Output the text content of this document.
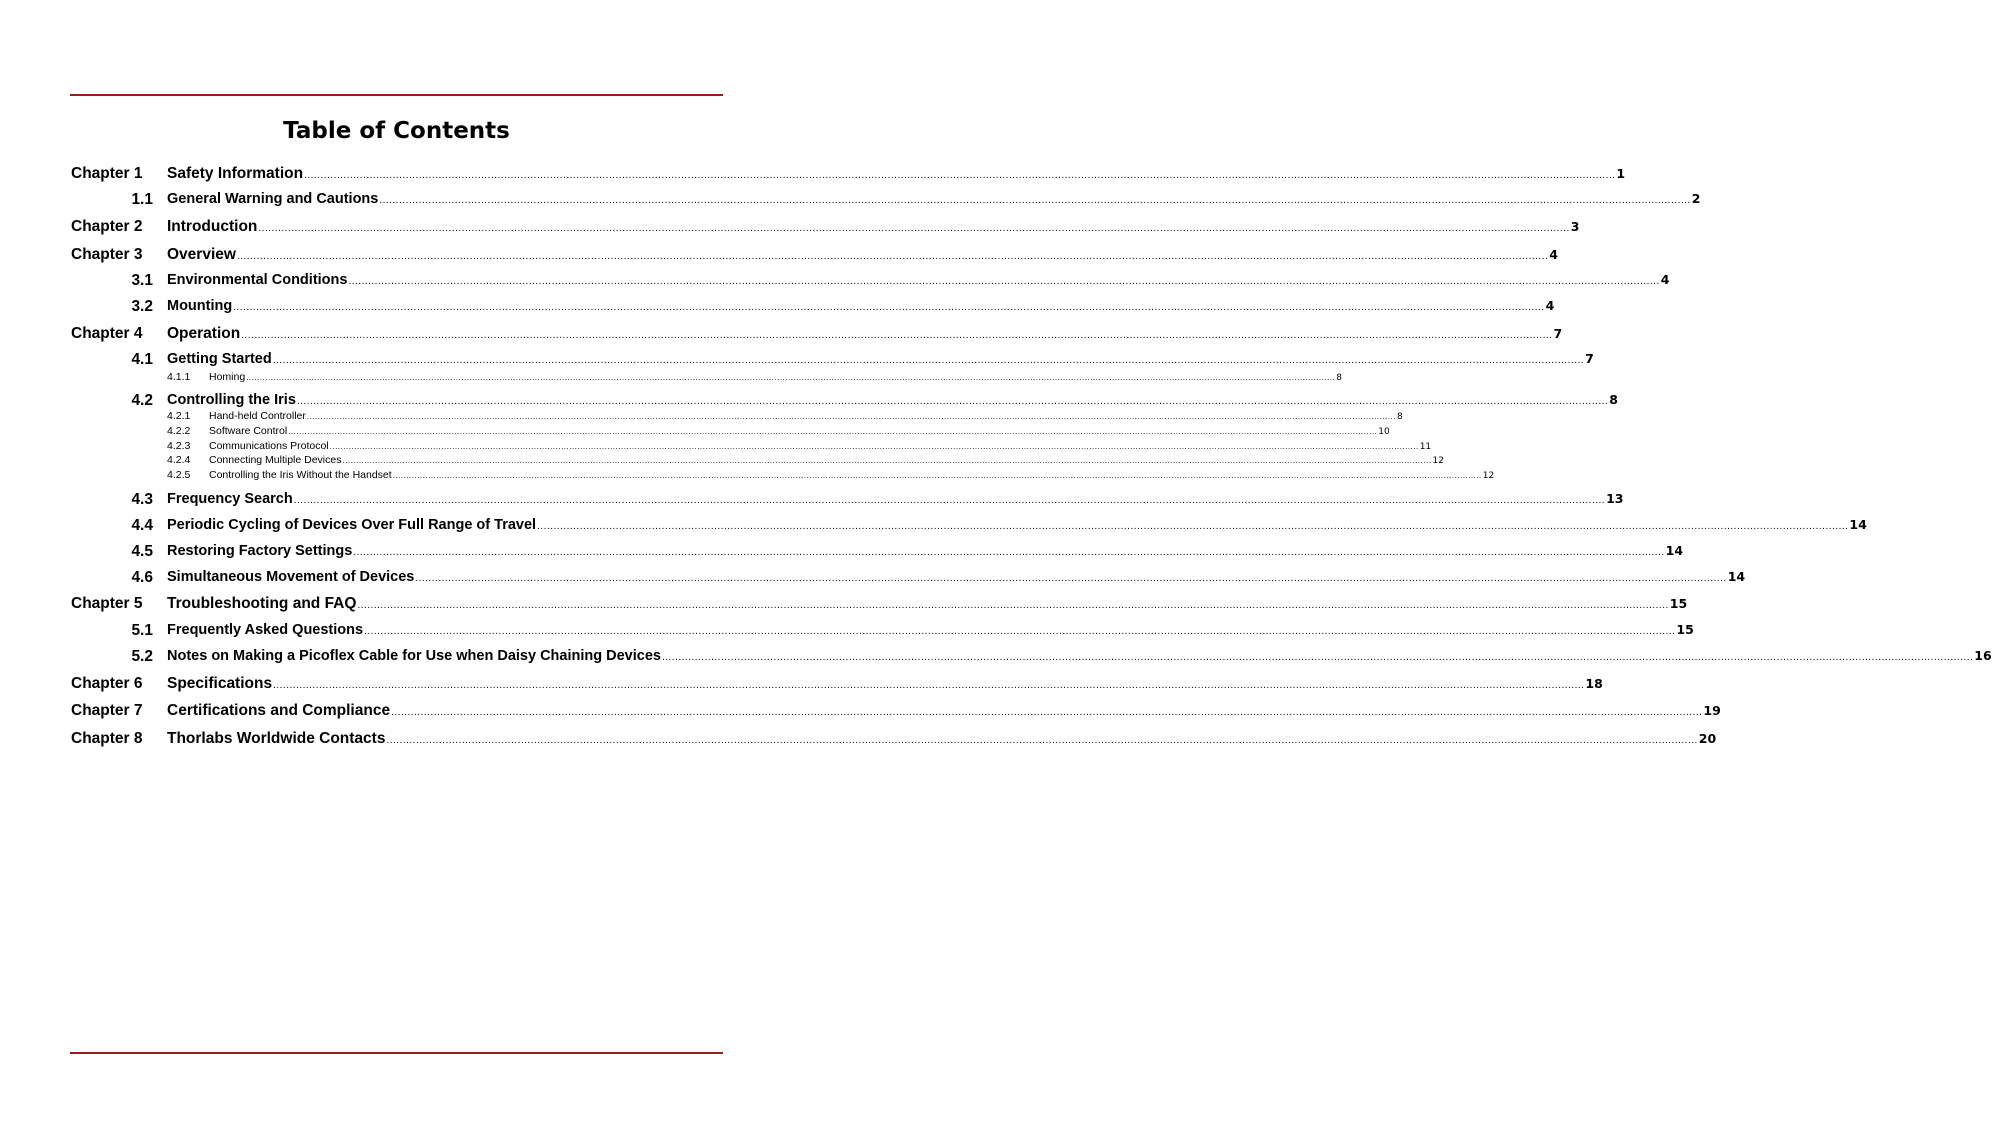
Table of Contents
Chapter 1 Safety Information ................................................................................................................................................................................................................................................................................................................................................................................................................ 1
1.1 General Warning and Cautions ................................................................................................................................................................................................................................................................................................................................................................................................................ 2
Chapter 2 Introduction ................................................................................................................................................................................................................................................................................................................................................................................................................ 3
Chapter 3 Overview ................................................................................................................................................................................................................................................................................................................................................................................................................ 4
3.1 Environmental Conditions ................................................................................................................................................................................................................................................................................................................................................................................................................ 4
3.2 Mounting ................................................................................................................................................................................................................................................................................................................................................................................................................ 4
Chapter 4 Operation ................................................................................................................................................................................................................................................................................................................................................................................................................ 7
4.1 Getting Started ................................................................................................................................................................................................................................................................................................................................................................................................................ 7
4.1.1 Homing ................................................................................................................................................................................................................................................................................................................................................................................................................ 8
4.2 Controlling the Iris ................................................................................................................................................................................................................................................................................................................................................................................................................ 8
4.2.1 Hand-held Controller ................................................................................................................................................................................................................................................................................................................................................................................................................ 8
4.2.2 Software Control ................................................................................................................................................................................................................................................................................................................................................................................................................ 10
4.2.3 Communications Protocol ................................................................................................................................................................................................................................................................................................................................................................................................................ 11
4.2.4 Connecting Multiple Devices ................................................................................................................................................................................................................................................................................................................................................................................................................ 12
4.2.5 Controlling the Iris Without the Handset ................................................................................................................................................................................................................................................................................................................................................................................................................ 12
4.3 Frequency Search ................................................................................................................................................................................................................................................................................................................................................................................................................ 13
4.4 Periodic Cycling of Devices Over Full Range of Travel ................................................................................................................................................................................................................................................................................................................................................................................................................ 14
4.5 Restoring Factory Settings ................................................................................................................................................................................................................................................................................................................................................................................................................ 14
4.6 Simultaneous Movement of Devices ................................................................................................................................................................................................................................................................................................................................................................................................................ 14
Chapter 5 Troubleshooting and FAQ ................................................................................................................................................................................................................................................................................................................................................................................................................ 15
5.1 Frequently Asked Questions ................................................................................................................................................................................................................................................................................................................................................................................................................ 15
5.2 Notes on Making a Picoflex Cable for Use when Daisy Chaining Devices ................................................................................................................................................................................................................................................................................................................................................................................................................ 16
Chapter 6 Specifications ................................................................................................................................................................................................................................................................................................................................................................................................................ 18
Chapter 7 Certifications and Compliance ................................................................................................................................................................................................................................................................................................................................................................................................................ 19
Chapter 8 Thorlabs Worldwide Contacts ................................................................................................................................................................................................................................................................................................................................................................................................................ 20
